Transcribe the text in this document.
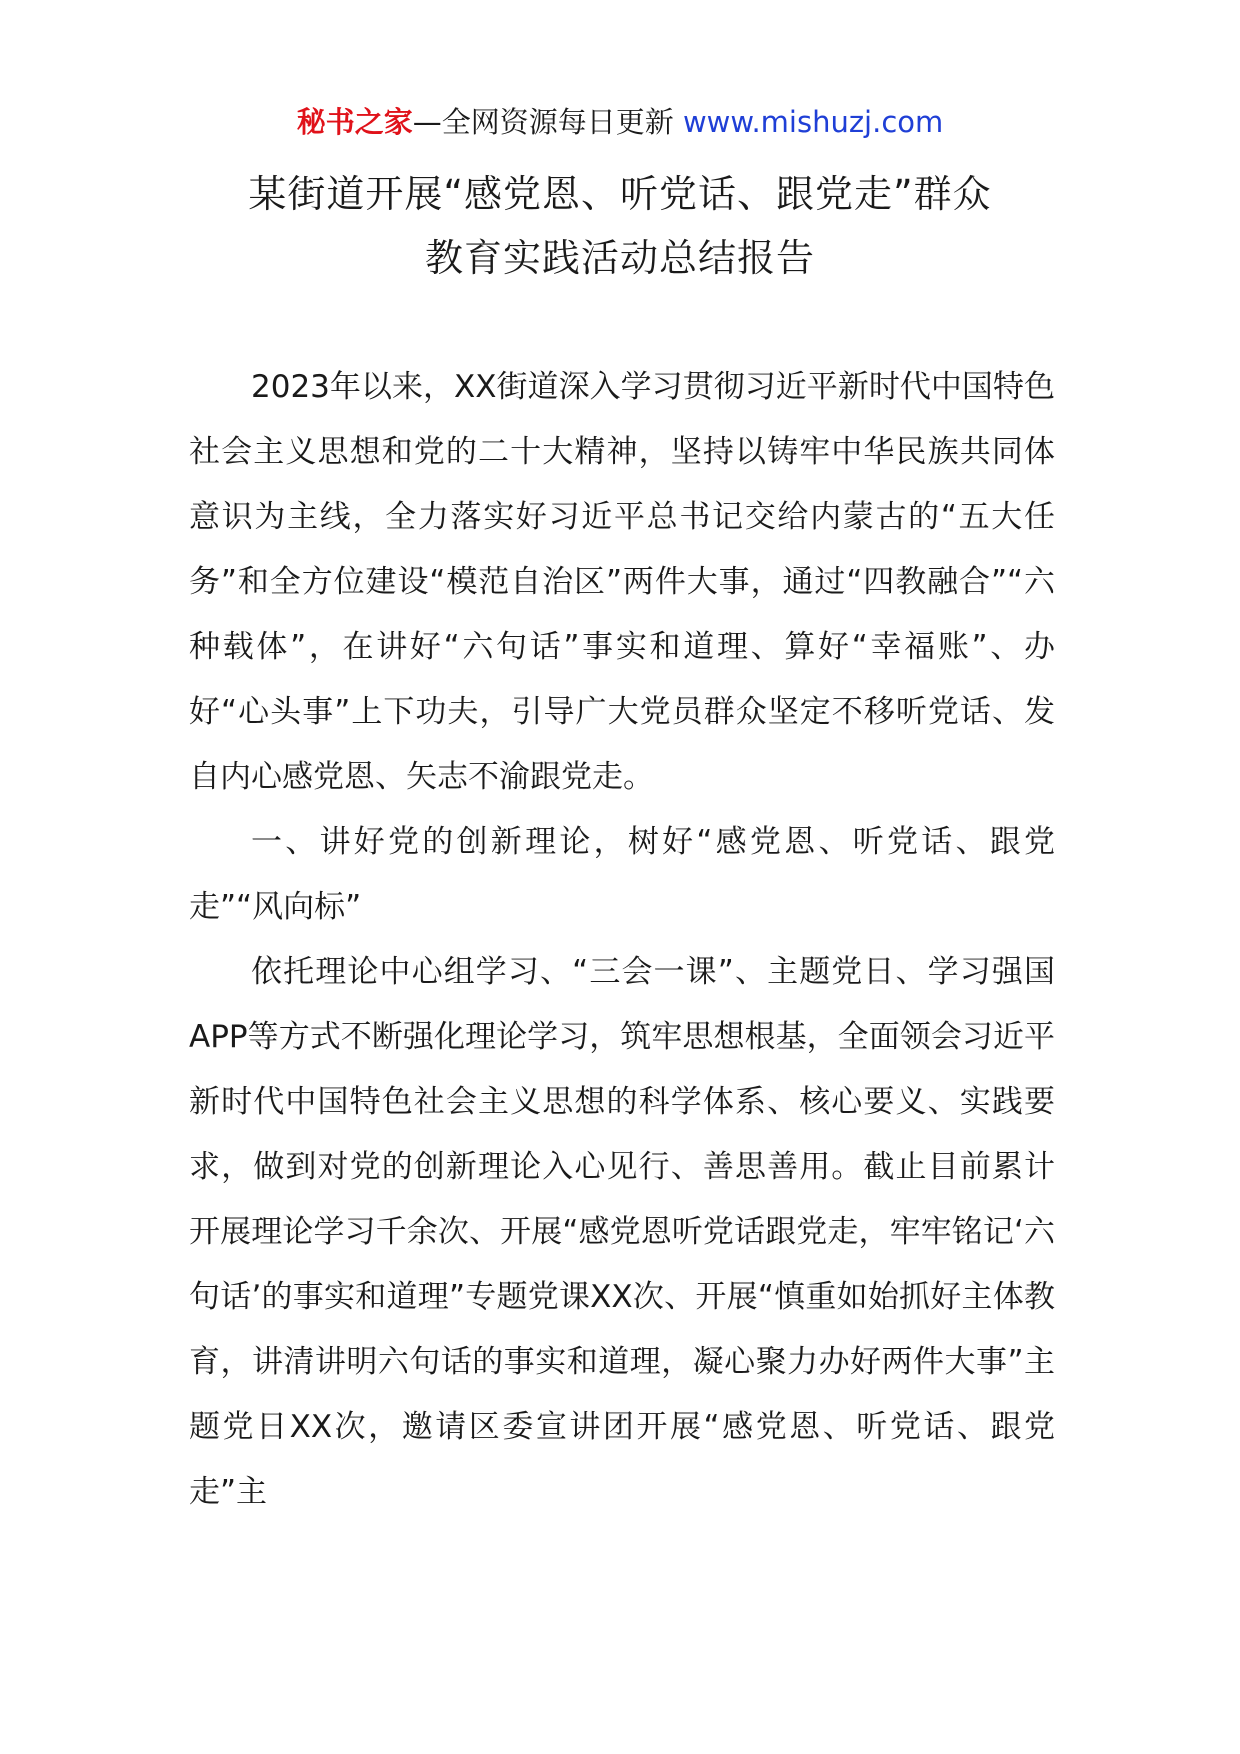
秘书之家—全网资源每日更新 www.mishuzj.com
某街道开展“感党恩、听党话、跟党走”群众
教育实践活动总结报告

2023年以来，XX街道深入学习贯彻习近平新时代中国特色社会主义思想和党的二十大精神，坚持以铸牢中华民族共同体意识为主线，全力落实好习近平总书记交给内蒙古的“五大任务”和全方位建设“模范自治区”两件大事，通过“四教融合”“六种载体”，在讲好“六句话”事实和道理、算好“幸福账”、办好“心头事”上下功夫，引导广大党员群众坚定不移听党话、发自内心感党恩、矢志不渝跟党走。

一、讲好党的创新理论，树好“感党恩、听党话、跟党走”“风向标”

依托理论中心组学习、“三会一课”、主题党日、学习强国APP等方式不断强化理论学习，筑牢思想根基，全面领会习近平新时代中国特色社会主义思想的科学体系、核心要义、实践要求，做到对党的创新理论入心见行、善思善用。截止目前累计开展理论学习千余次、开展“感党恩听党话跟党走，牢牢铭记‘六句话’的事实和道理”专题党课XX次、开展“慎重如始抓好主体教育，讲清讲明六句话的事实和道理，凝心聚力办好两件大事”主题党日XX次，邀请区委宣讲团开展“感党恩、听党话、跟党走”主
